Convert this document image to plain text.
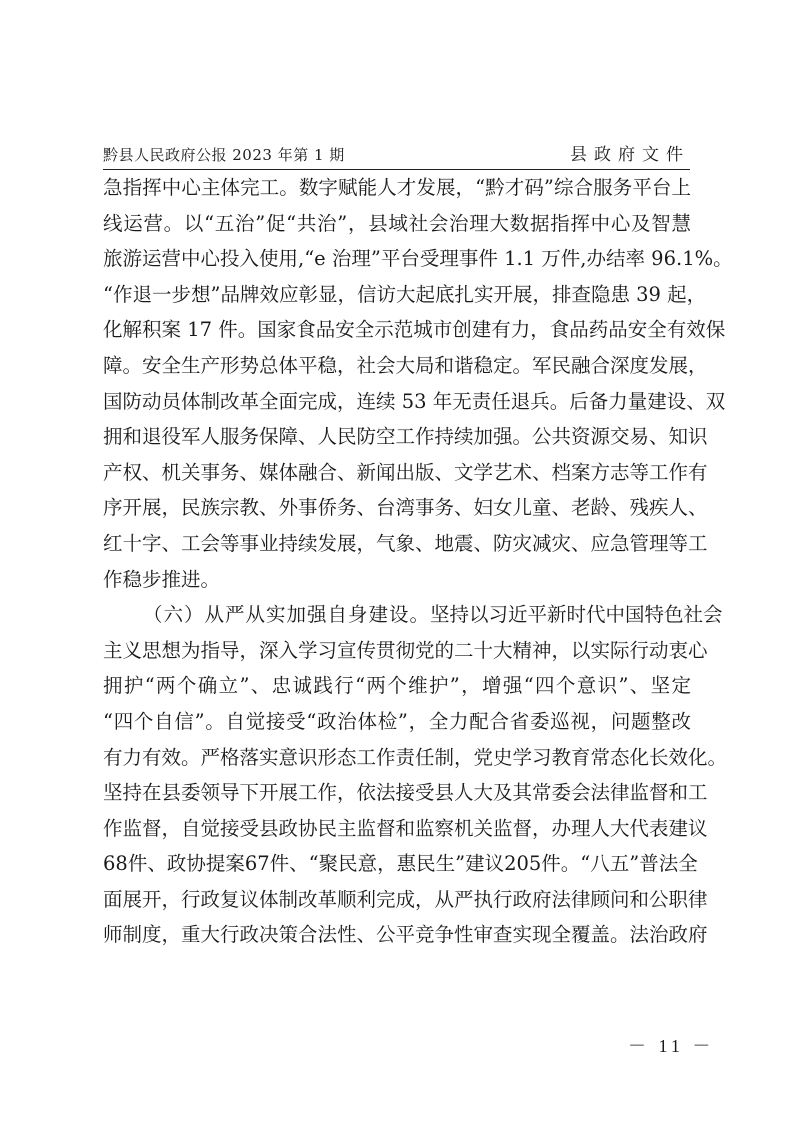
黔县人民政府公报 2023 年第 1 期	县政府文件
急指挥中心主体完工。数字赋能人才发展，“黔才码”综合服务平台上
线运营。以“五治”促“共治”，县域社会治理大数据指挥中心及智慧
旅游运营中心投入使用,“e 治理”平台受理事件 1.1 万件,办结率 96.1%。
“作退一步想”品牌效应彰显，信访大起底扎实开展，排查隐患 39 起，
化解积案 17 件。国家食品安全示范城市创建有力，食品药品安全有效保
障。安全生产形势总体平稳，社会大局和谐稳定。军民融合深度发展，
国防动员体制改革全面完成，连续 53 年无责任退兵。后备力量建设、双
拥和退役军人服务保障、人民防空工作持续加强。公共资源交易、知识
产权、机关事务、媒体融合、新闻出版、文学艺术、档案方志等工作有
序开展，民族宗教、外事侨务、台湾事务、妇女儿童、老龄、残疾人、
红十字、工会等事业持续发展，气象、地震、防灾减灾、应急管理等工
作稳步推进。
（六）从严从实加强自身建设。坚持以习近平新时代中国特色社会
主义思想为指导，深入学习宣传贯彻党的二十大精神，以实际行动衷心
拥护“两个确立”、忠诚践行“两个维护”，增强“四个意识”、坚定
“四个自信”。自觉接受“政治体检”，全力配合省委巡视，问题整改
有力有效。严格落实意识形态工作责任制，党史学习教育常态化长效化。
坚持在县委领导下开展工作，依法接受县人大及其常委会法律监督和工
作监督，自觉接受县政协民主监督和监察机关监督，办理人大代表建议
68件、政协提案67件、“聚民意，惠民生”建议205件。“八五”普法全
面展开，行政复议体制改革顺利完成，从严执行政府法律顾问和公职律
师制度，重大行政决策合法性、公平竞争性审查实现全覆盖。法治政府
－ 11 －
